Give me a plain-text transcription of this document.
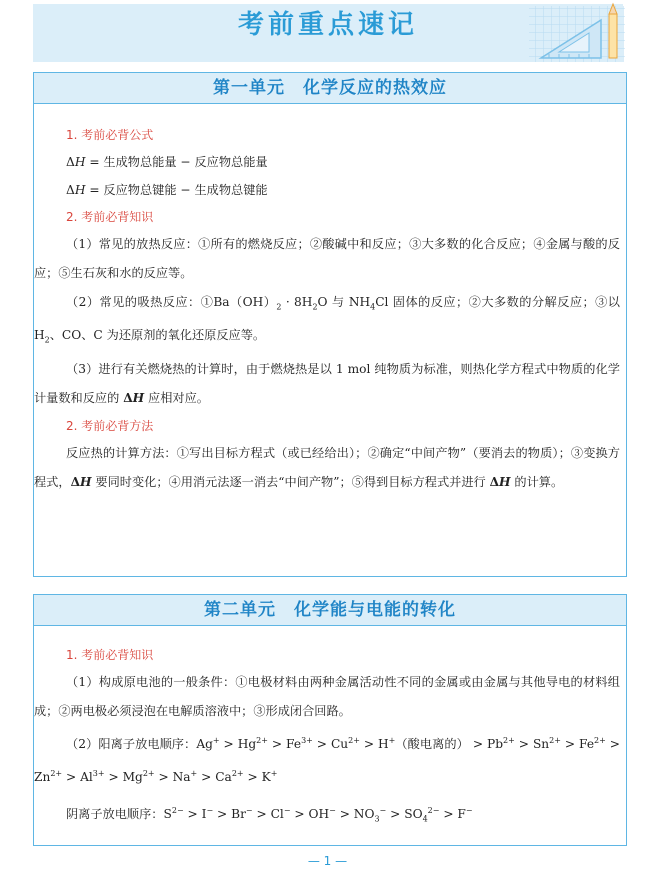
考前重点速记
第一单元　化学反应的热效应
1. 考前必背公式
ΔH = 生成物总能量 − 反应物总能量
ΔH = 反应物总键能 − 生成物总键能
2. 考前必背知识
（1）常见的放热反应：①所有的燃烧反应；②酸碱中和反应；③大多数的化合反应；④金属与酸的反应；⑤生石灰和水的反应等。
（2）常见的吸热反应：$①Ba(OH)_2 \cdot 8H_2O$ 与 $NH_4Cl$ 固体的反应；②大多数的分解反应；③以$H_2$、CO、C 为还原剂的氧化还原反应等。
（3）进行有关燃烧热的计算时，由于燃烧热是以 1 mol 纯物质为标准，则热化学方程式中物质的化学计量数和反应的 ΔH 应相对应。
2. 考前必背方法
反应热的计算方法：①写出目标方程式（或已经给出）；②确定“中间产物”（要消去的物质）；③变换方程式，ΔH 要同时变化；④用消元法逐一消去“中间产物”；⑤得到目标方程式并进行 ΔH 的计算。
第二单元　化学能与电能的转化
1. 考前必背知识
（1）构成原电池的一般条件：①电极材料由两种金属活动性不同的金属或由金属与其他导电的材料组成；②两电极必须浸泡在电解质溶液中；③形成闭合回路。
（2）阳离子放电顺序：$Ag^+ > Hg^{2+} > Fe^{3+} > Cu^{2+} > H^+$（酸电离的） > $Pb^{2+} > Sn^{2+} > Fe^{2+} > Zn^{2+} > Al^{3+} > Mg^{2+} > Na^+ > Ca^{2+} > K^+$
阴离子放电顺序：$S^{2-} > I^- > Br^- > Cl^- > OH^- > NO_3^- > SO_4^{2-} > F^-$
— 1 —
